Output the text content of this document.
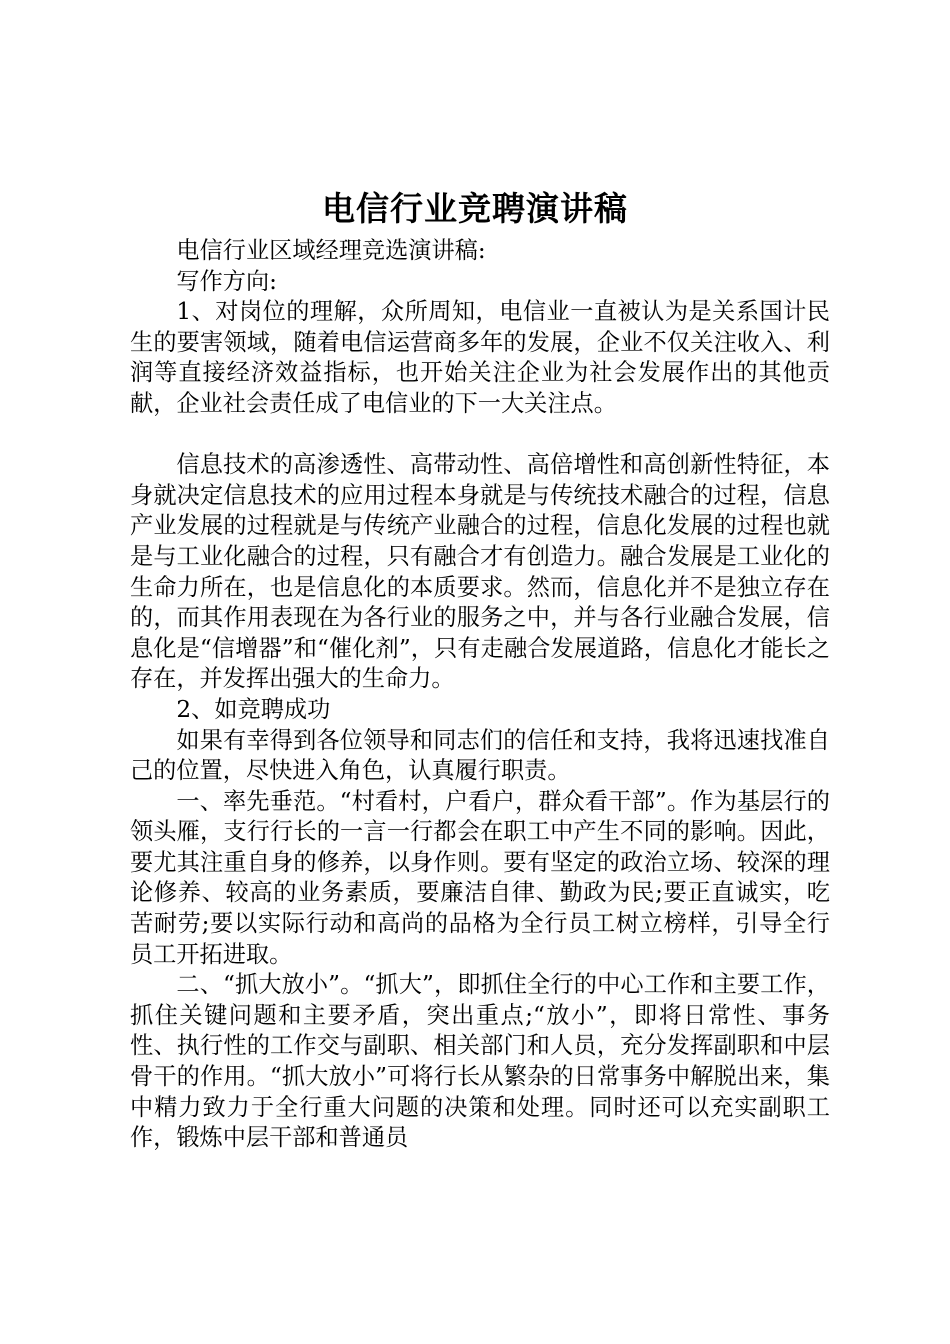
电信行业竞聘演讲稿

电信行业区域经理竞选演讲稿:

写作方向:

1、对岗位的理解，众所周知，电信业一直被认为是关系国计民生的要害领域，随着电信运营商多年的发展，企业不仅关注收入、利润等直接经济效益指标，也开始关注企业为社会发展作出的其他贡献，企业社会责任成了电信业的下一大关注点。

信息技术的高渗透性、高带动性、高倍增性和高创新性特征，本身就决定信息技术的应用过程本身就是与传统技术融合的过程，信息产业发展的过程就是与传统产业融合的过程，信息化发展的过程也就是与工业化融合的过程，只有融合才有创造力。融合发展是工业化的生命力所在，也是信息化的本质要求。然而，信息化并不是独立存在的，而其作用表现在为各行业的服务之中，并与各行业融合发展，信息化是“信增器”和“催化剂”，只有走融合发展道路，信息化才能长之存在，并发挥出强大的生命力。

2、如竞聘成功

如果有幸得到各位领导和同志们的信任和支持，我将迅速找准自己的位置，尽快进入角色，认真履行职责。

一、率先垂范。“村看村，户看户，群众看干部”。作为基层行的领头雁，支行行长的一言一行都会在职工中产生不同的影响。因此，要尤其注重自身的修养，以身作则。要有坚定的政治立场、较深的理论修养、较高的业务素质，要廉洁自律、勤政为民;要正直诚实，吃苦耐劳;要以实际行动和高尚的品格为全行员工树立榜样，引导全行员工开拓进取。

二、“抓大放小”。“抓大”，即抓住全行的中心工作和主要工作，抓住关键问题和主要矛盾，突出重点;“放小”，即将日常性、事务性、执行性的工作交与副职、相关部门和人员，充分发挥副职和中层骨干的作用。“抓大放小”可将行长从繁杂的日常事务中解脱出来，集中精力致力于全行重大问题的决策和处理。同时还可以充实副职工作，锻炼中层干部和普通员
